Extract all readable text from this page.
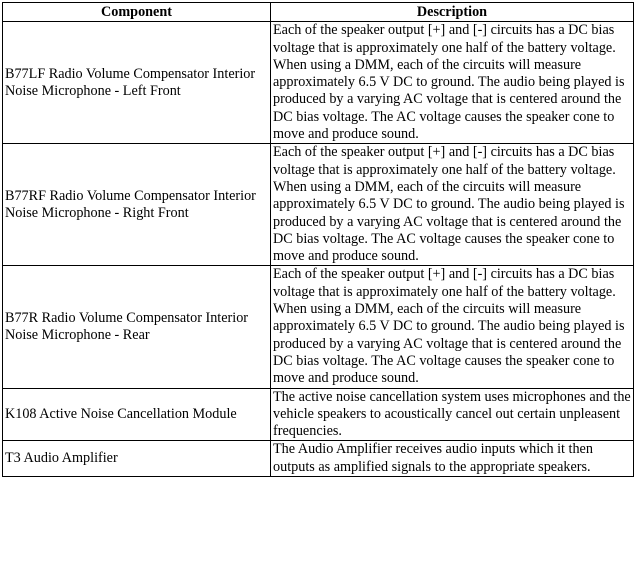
Component	Description
B77LF Radio Volume Compensator Interior Noise Microphone - Left Front	Each of the speaker output [+] and [-] circuits has a DC bias voltage that is approximately one half of the battery voltage. When using a DMM, each of the circuits will measure approximately 6.5 V DC to ground. The audio being played is produced by a varying AC voltage that is centered around the DC bias voltage. The AC voltage causes the speaker cone to move and produce sound.
B77RF Radio Volume Compensator Interior Noise Microphone - Right Front	Each of the speaker output [+] and [-] circuits has a DC bias voltage that is approximately one half of the battery voltage. When using a DMM, each of the circuits will measure approximately 6.5 V DC to ground. The audio being played is produced by a varying AC voltage that is centered around the DC bias voltage. The AC voltage causes the speaker cone to move and produce sound.
B77R Radio Volume Compensator Interior Noise Microphone - Rear	Each of the speaker output [+] and [-] circuits has a DC bias voltage that is approximately one half of the battery voltage. When using a DMM, each of the circuits will measure approximately 6.5 V DC to ground. The audio being played is produced by a varying AC voltage that is centered around the DC bias voltage. The AC voltage causes the speaker cone to move and produce sound.
K108 Active Noise Cancellation Module	The active noise cancellation system uses microphones and the vehicle speakers to acoustically cancel out certain unpleasent frequencies.
T3 Audio Amplifier	The Audio Amplifier receives audio inputs which it then outputs as amplified signals to the appropriate speakers.
